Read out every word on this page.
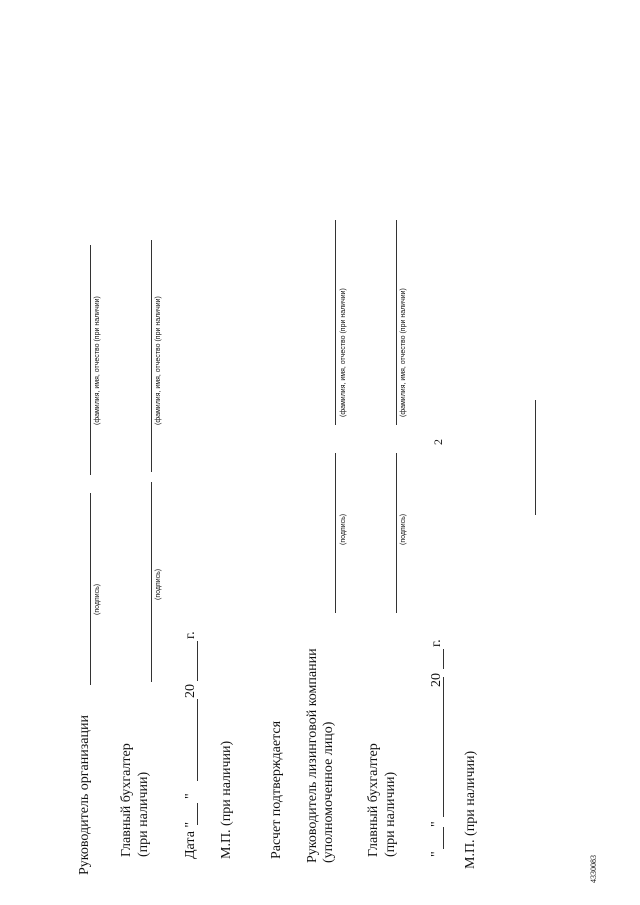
4330083
2
Руководитель организации
(подпись)
(фамилия, имя, отчество (при наличии)
Главный бухгалтер (при наличии)
(подпись)
(фамилия, имя, отчество (при наличии)
Дата "
"
20
г.
М.П. (при наличии)	Расчет подтверждается Руководитель лизинговой компании (уполномоченное лицо)
(подпись)
(фамилия, имя, отчество (при наличии)
Главный бухгалтер (при наличии)
(подпись)
(фамилия, имя, отчество (при наличии)
"
"
20
г.
М.П. (при наличии)
